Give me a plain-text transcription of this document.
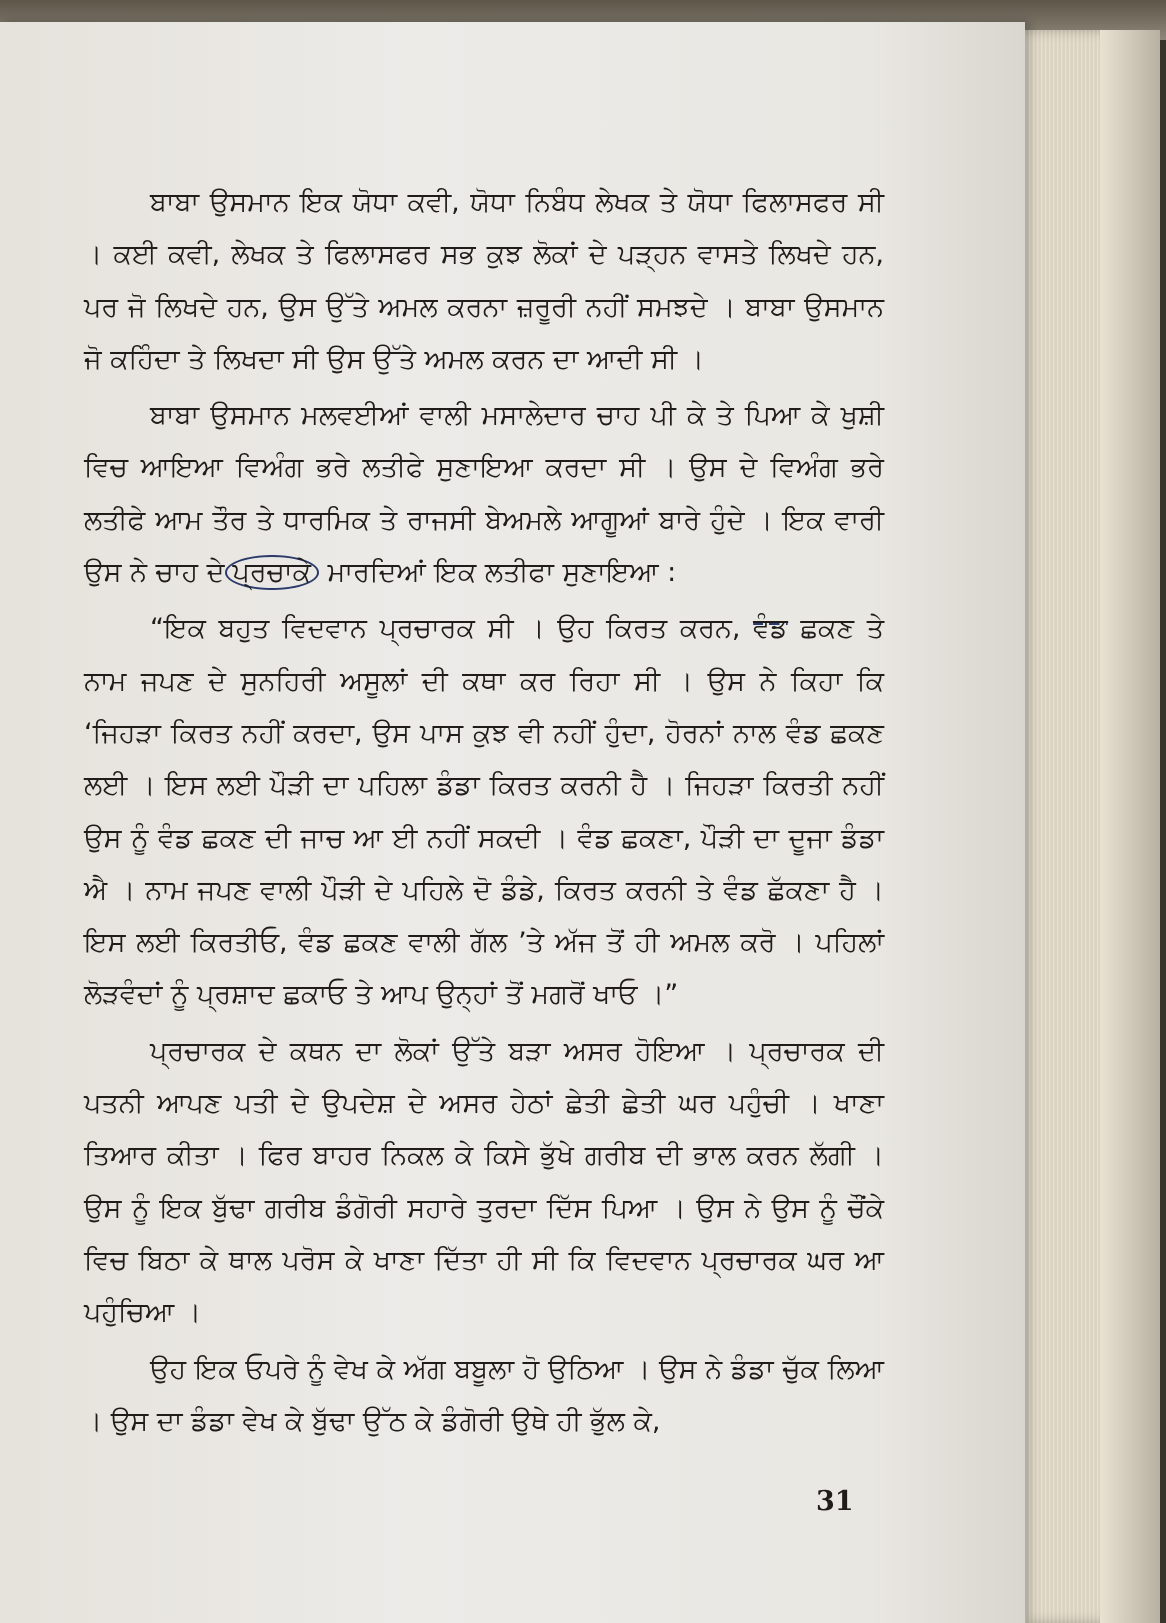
ਬਾਬਾ ਉਸਮਾਨ ਇਕ ਯੋਧਾ ਕਵੀ, ਯੋਧਾ ਨਿਬੰਧ ਲੇਖਕ ਤੇ ਯੋਧਾ ਫਿਲਾਸਫਰ ਸੀ । ਕਈ ਕਵੀ, ਲੇਖਕ ਤੇ ਫਿਲਾਸਫਰ ਸਭ ਕੁਝ ਲੋਕਾਂ ਦੇ ਪੜ੍ਹਨ ਵਾਸਤੇ ਲਿਖਦੇ ਹਨ, ਪਰ ਜੋ ਲਿਖਦੇ ਹਨ, ਉਸ ਉੱਤੇ ਅਮਲ ਕਰਨਾ ਜ਼ਰੂਰੀ ਨਹੀਂ ਸਮਝਦੇ । ਬਾਬਾ ਉਸਮਾਨ ਜੋ ਕਹਿੰਦਾ ਤੇ ਲਿਖਦਾ ਸੀ ਉਸ ਉੱਤੇ ਅਮਲ ਕਰਨ ਦਾ ਆਦੀ ਸੀ ।

ਬਾਬਾ ਉਸਮਾਨ ਮਲਵਈਆਂ ਵਾਲੀ ਮਸਾਲੇਦਾਰ ਚਾਹ ਪੀ ਕੇ ਤੇ ਪਿਆ ਕੇ ਖੁਸ਼ੀ ਵਿਚ ਆਇਆ ਵਿਅੰਗ ਭਰੇ ਲਤੀਫੇ ਸੁਣਾਇਆ ਕਰਦਾ ਸੀ । ਉਸ ਦੇ ਵਿਅੰਗ ਭਰੇ ਲਤੀਫੇ ਆਮ ਤੌਰ ਤੇ ਧਾਰਮਿਕ ਤੇ ਰਾਜਸੀ ਬੇਅਮਲੇ ਆਗੂਆਂ ਬਾਰੇ ਹੁੰਦੇ । ਇਕ ਵਾਰੀ ਉਸ ਨੇ ਚਾਹ ਦੇ ਪ੍ਰਚਾਕੇ ਮਾਰਦਿਆਂ ਇਕ ਲਤੀਫਾ ਸੁਣਾਇਆ :

“ਇਕ ਬਹੁਤ ਵਿਦਵਾਨ ਪ੍ਰਚਾਰਕ ਸੀ । ਉਹ ਕਿਰਤ ਕਰਨ, ਵੰਡ ਛਕਣ ਤੇ ਨਾਮ ਜਪਣ ਦੇ ਸੁਨਹਿਰੀ ਅਸੂਲਾਂ ਦੀ ਕਥਾ ਕਰ ਰਿਹਾ ਸੀ । ਉਸ ਨੇ ਕਿਹਾ ਕਿ ‘ਜਿਹੜਾ ਕਿਰਤ ਨਹੀਂ ਕਰਦਾ, ਉਸ ਪਾਸ ਕੁਝ ਵੀ ਨਹੀਂ ਹੁੰਦਾ, ਹੋਰਨਾਂ ਨਾਲ ਵੰਡ ਛਕਣ ਲਈ । ਇਸ ਲਈ ਪੌੜੀ ਦਾ ਪਹਿਲਾ ਡੰਡਾ ਕਿਰਤ ਕਰਨੀ ਹੈ । ਜਿਹੜਾ ਕਿਰਤੀ ਨਹੀਂ ਉਸ ਨੂੰ ਵੰਡ ਛਕਣ ਦੀ ਜਾਚ ਆ ਈ ਨਹੀਂ ਸਕਦੀ । ਵੰਡ ਛਕਣਾ, ਪੌੜੀ ਦਾ ਦੂਜਾ ਡੰਡਾ ਐ । ਨਾਮ ਜਪਣ ਵਾਲੀ ਪੌੜੀ ਦੇ ਪਹਿਲੇ ਦੋ ਡੰਡੇ, ਕਿਰਤ ਕਰਨੀ ਤੇ ਵੰਡ ਛੱਕਣਾ ਹੈ । ਇਸ ਲਈ ਕਿਰਤੀਓ, ਵੰਡ ਛਕਣ ਵਾਲੀ ਗੱਲ ’ਤੇ ਅੱਜ ਤੋਂ ਹੀ ਅਮਲ ਕਰੋ । ਪਹਿਲਾਂ ਲੋੜਵੰਦਾਂ ਨੂੰ ਪ੍ਰਸ਼ਾਦ ਛਕਾਓ ਤੇ ਆਪ ਉਨ੍ਹਾਂ ਤੋਂ ਮਗਰੋਂ ਖਾਓ ।”

ਪ੍ਰਚਾਰਕ ਦੇ ਕਥਨ ਦਾ ਲੋਕਾਂ ਉੱਤੇ ਬੜਾ ਅਸਰ ਹੋਇਆ । ਪ੍ਰਚਾਰਕ ਦੀ ਪਤਨੀ ਆਪਣ ਪਤੀ ਦੇ ਉਪਦੇਸ਼ ਦੇ ਅਸਰ ਹੇਠਾਂ ਛੇਤੀ ਛੇਤੀ ਘਰ ਪਹੁੰਚੀ । ਖਾਣਾ ਤਿਆਰ ਕੀਤਾ । ਫਿਰ ਬਾਹਰ ਨਿਕਲ ਕੇ ਕਿਸੇ ਭੁੱਖੇ ਗਰੀਬ ਦੀ ਭਾਲ ਕਰਨ ਲੱਗੀ । ਉਸ ਨੂੰ ਇਕ ਬੁੱਢਾ ਗਰੀਬ ਡੰਗੋਰੀ ਸਹਾਰੇ ਤੁਰਦਾ ਦਿੱਸ ਪਿਆ । ਉਸ ਨੇ ਉਸ ਨੂੰ ਚੌਂਕੇ ਵਿਚ ਬਿਠਾ ਕੇ ਥਾਲ ਪਰੋਸ ਕੇ ਖਾਣਾ ਦਿੱਤਾ ਹੀ ਸੀ ਕਿ ਵਿਦਵਾਨ ਪ੍ਰਚਾਰਕ ਘਰ ਆ ਪਹੁੰਚਿਆ ।

ਉਹ ਇਕ ਓਪਰੇ ਨੂੰ ਵੇਖ ਕੇ ਅੱਗ ਬਬੂਲਾ ਹੋ ਉਠਿਆ । ਉਸ ਨੇ ਡੰਡਾ ਚੁੱਕ ਲਿਆ । ਉਸ ਦਾ ਡੰਡਾ ਵੇਖ ਕੇ ਬੁੱਢਾ ਉੱਠ ਕੇ ਡੰਗੋਰੀ ਉਥੇ ਹੀ ਭੁੱਲ ਕੇ,

31
